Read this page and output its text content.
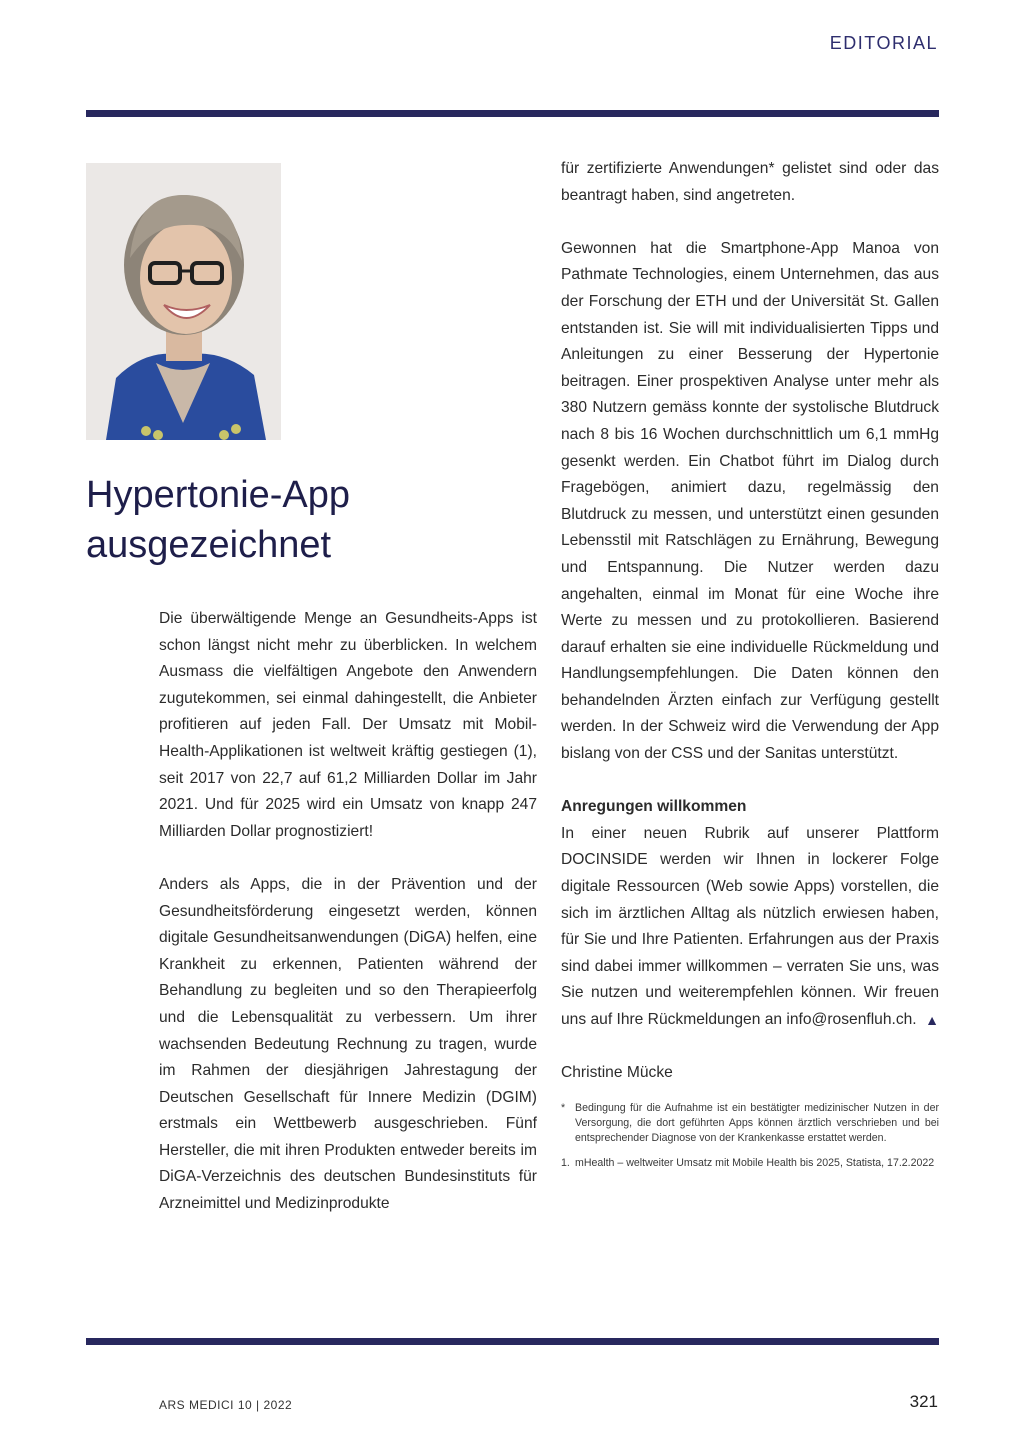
EDITORIAL
Hypertonie-App
ausgezeichnet

Die überwältigende Menge an Gesundheits-Apps ist schon längst nicht mehr zu überblicken. In welchem Ausmass die vielfältigen Angebote den Anwendern zugutekommen, sei einmal dahingestellt, die Anbieter profitieren auf jeden Fall. Der Umsatz mit Mobil-Health-Applikationen ist weltweit kräftig gestiegen (1), seit 2017 von 22,7 auf 61,2 Milliarden Dollar im Jahr 2021. Und für 2025 wird ein Umsatz von knapp 247 Milliarden Dollar prognostiziert!

Anders als Apps, die in der Prävention und der Gesundheitsförderung eingesetzt werden, können digitale Gesundheitsanwendungen (DiGA) helfen, eine Krankheit zu erkennen, Patienten während der Behandlung zu begleiten und so den Therapieerfolg und die Lebensqualität zu verbessern. Um ihrer wachsenden Bedeutung Rechnung zu tragen, wurde im Rahmen der diesjährigen Jahrestagung der Deutschen Gesellschaft für Innere Medizin (DGIM) erstmals ein Wettbewerb ausgeschrieben. Fünf Hersteller, die mit ihren Produkten entweder bereits im DiGA-Verzeichnis des deutschen Bundesinstituts für Arzneimittel und Medizinprodukte

für zertifizierte Anwendungen* gelistet sind oder das beantragt haben, sind angetreten.

Gewonnen hat die Smartphone-App Manoa von Pathmate Technologies, einem Unternehmen, das aus der Forschung der ETH und der Universität St. Gallen entstanden ist. Sie will mit individualisierten Tipps und Anleitungen zu einer Besserung der Hypertonie beitragen. Einer prospektiven Analyse unter mehr als 380 Nutzern gemäss konnte der systolische Blutdruck nach 8 bis 16 Wochen durchschnittlich um 6,1 mmHg gesenkt werden. Ein Chatbot führt im Dialog durch Fragebögen, animiert dazu, regelmässig den Blutdruck zu messen, und unterstützt einen gesunden Lebensstil mit Ratschlägen zu Ernährung, Bewegung und Entspannung. Die Nutzer werden dazu angehalten, einmal im Monat für eine Woche ihre Werte zu messen und zu protokollieren. Basierend darauf erhalten sie eine individuelle Rückmeldung und Handlungsempfehlungen. Die Daten können den behandelnden Ärzten einfach zur Verfügung gestellt werden. In der Schweiz wird die Verwendung der App bislang von der CSS und der Sanitas unterstützt.

Anregungen willkommen

In einer neuen Rubrik auf unserer Plattform DOCINSIDE werden wir Ihnen in lockerer Folge digitale Ressourcen (Web sowie Apps) vorstellen, die sich im ärztlichen Alltag als nützlich erwiesen haben, für Sie und Ihre Patienten. Erfahrungen aus der Praxis sind dabei immer willkommen – verraten Sie uns, was Sie nutzen und weiterempfehlen können. Wir freuen uns auf Ihre Rückmeldungen an info@rosenfluh.ch. ▲

Christine Mücke
* Bedingung für die Aufnahme ist ein bestätigter medizinischer Nutzen in der Versorgung, die dort geführten Apps können ärztlich verschrieben und bei entsprechender Diagnose von der Krankenkasse erstattet werden.
1. mHealth – weltweiter Umsatz mit Mobile Health bis 2025, Statista, 17.2.2022
ARS MEDICI 10 | 2022	321
